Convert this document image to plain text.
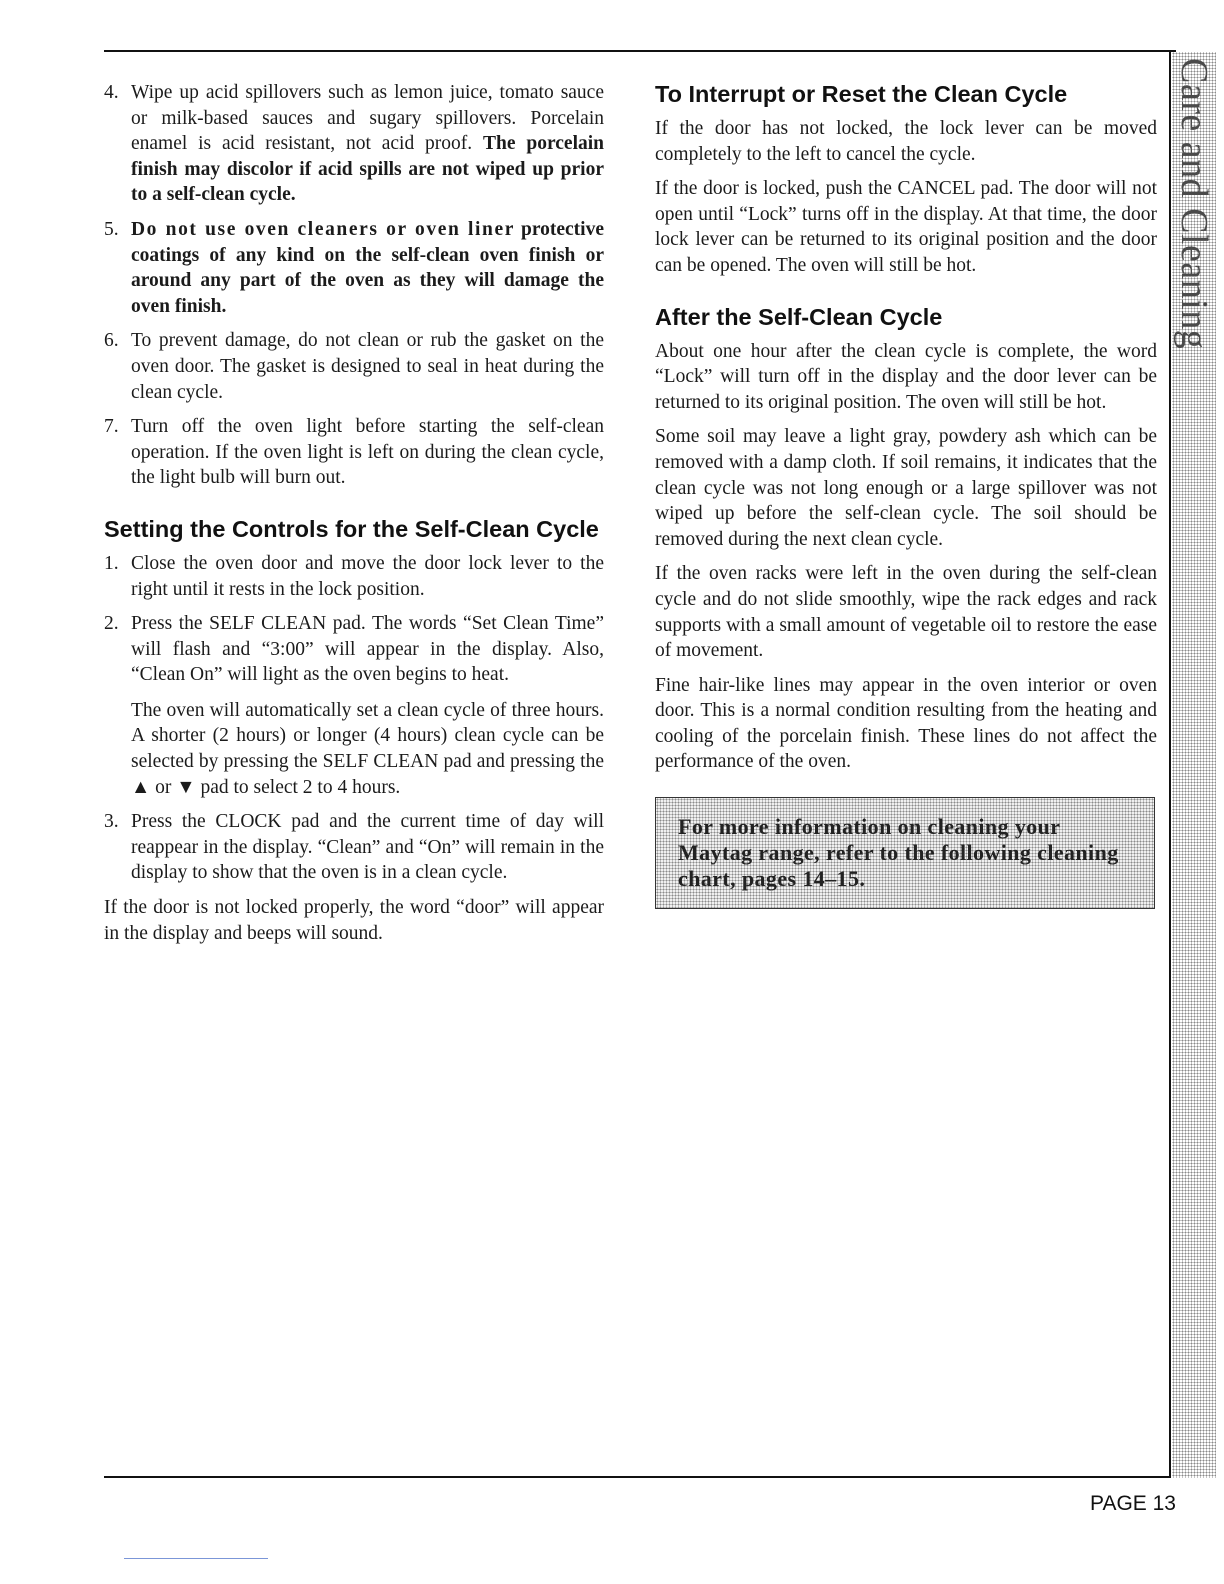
Care and Cleaning
4. Wipe up acid spillovers such as lemon juice, tomato sauce or milk-based sauces and sugary spillovers. Porcelain enamel is acid resistant, not acid proof. The porcelain finish may discolor if acid spills are not wiped up prior to a self-clean cycle.

5. Do not use oven cleaners or oven liner protective coatings of any kind on the self-clean oven finish or around any part of the oven as they will damage the oven finish.

6. To prevent damage, do not clean or rub the gasket on the oven door. The gasket is designed to seal in heat during the clean cycle.

7. Turn off the oven light before starting the self-clean operation. If the oven light is left on during the clean cycle, the light bulb will burn out.

Setting the Controls for the Self-Clean Cycle
1. Close the oven door and move the door lock lever to the right until it rests in the lock position.

2. Press the SELF CLEAN pad. The words “Set Clean Time” will flash and “3:00” will appear in the display. Also, “Clean On” will light as the oven begins to heat.

The oven will automatically set a clean cycle of three hours. A shorter (2 hours) or longer (4 hours) clean cycle can be selected by pressing the SELF CLEAN pad and pressing the ▲ or ▼ pad to select 2 to 4 hours.

3. Press the CLOCK pad and the current time of day will reappear in the display. “Clean” and “On” will remain in the display to show that the oven is in a clean cycle.

If the door is not locked properly, the word “door” will appear in the display and beeps will sound.

To Interrupt or Reset the Clean Cycle

If the door has not locked, the lock lever can be moved completely to the left to cancel the cycle.

If the door is locked, push the CANCEL pad. The door will not open until “Lock” turns off in the display. At that time, the door lock lever can be returned to its original position and the door can be opened. The oven will still be hot.

After the Self-Clean Cycle

About one hour after the clean cycle is complete, the word “Lock” will turn off in the display and the door lever can be returned to its original position. The oven will still be hot.

Some soil may leave a light gray, powdery ash which can be removed with a damp cloth. If soil remains, it indicates that the clean cycle was not long enough or a large spillover was not wiped up before the self-clean cycle. The soil should be removed during the next clean cycle.

If the oven racks were left in the oven during the self-clean cycle and do not slide smoothly, wipe the rack edges and rack supports with a small amount of vegetable oil to restore the ease of movement.

Fine hair-like lines may appear in the oven interior or oven door. This is a normal condition resulting from the heating and cooling of the porcelain finish. These lines do not affect the performance of the oven.

For more information on cleaning your Maytag range, refer to the following cleaning chart, pages 14–15.
PAGE 13
